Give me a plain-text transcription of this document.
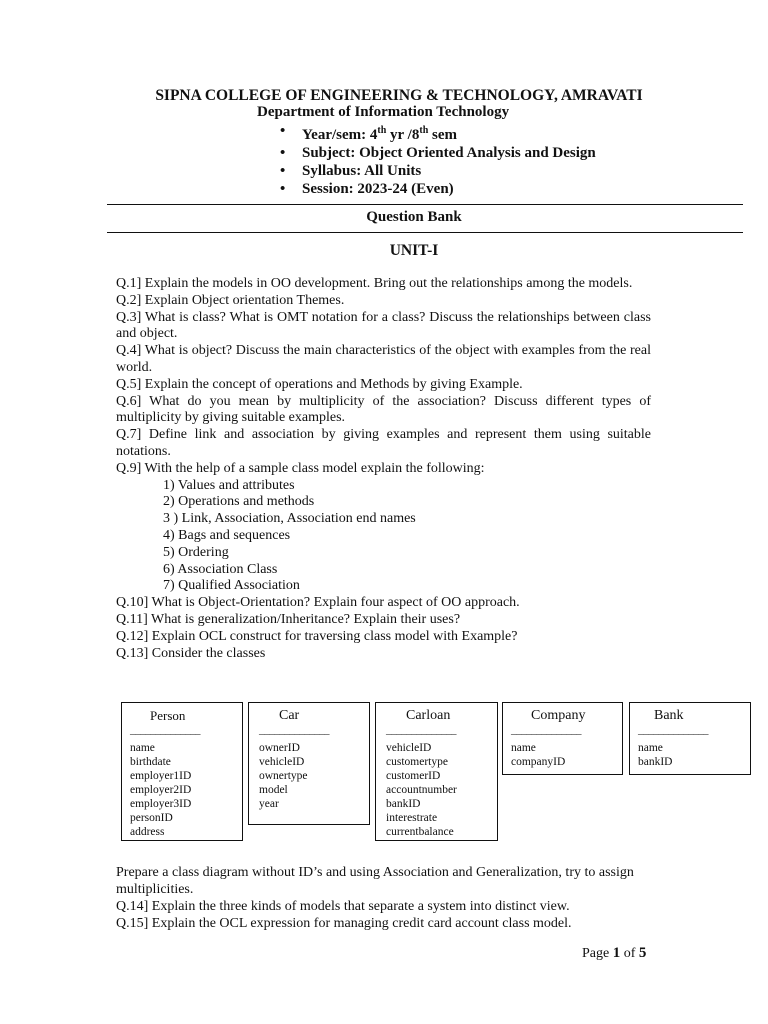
SIPNA COLLEGE OF ENGINEERING & TECHNOLOGY, AMRAVATI
Department of Information Technology
• Year/sem: 4th yr /8th sem
• Subject: Object Oriented Analysis and Design
• Syllabus: All Units
• Session: 2023-24 (Even)
Question Bank
UNIT-I

Q.1] Explain the models in OO development. Bring out the relationships among the models.

Q.2] Explain Object orientation Themes.

Q.3] What is class? What is OMT notation for a class? Discuss the relationships between class and object.

Q.4] What is object? Discuss the main characteristics of the object with examples from the real world.

Q.5] Explain the concept of operations and Methods by giving Example.

Q.6] What do you mean by multiplicity of the association? Discuss different types of multiplicity by giving suitable examples.

Q.7] Define link and association by giving examples and represent them using suitable notations.

Q.9] With the help of a sample class model explain the following:

1) Values and attributes

2) Operations and methods

3 ) Link, Association, Association end names

4) Bags and sequences

5) Ordering

6) Association Class

7) Qualified Association

Q.10] What is Object-Orientation? Explain four aspect of OO approach.

Q.11] What is generalization/Inheritance? Explain their uses?

Q.12] Explain OCL construct for traversing class model with Example?

Q.13] Consider the classes

Person
______________
name
birthdate
employer1ID
employer2ID
employer3ID
personID
address
Car
______________
ownerID
vehicleID
ownertype
model
year
Carloan
______________
vehicleID
customertype
customerID
accountnumber
bankID
interestrate
currentbalance
Company
______________
name
companyID
Bank
______________
name
bankID

Prepare a class diagram without ID’s and using Association and Generalization, try to assign multiplicities.

Q.14] Explain the three kinds of models that separate a system into distinct view.

Q.15] Explain the OCL expression for managing credit card account class model.

Page 1 of 5
